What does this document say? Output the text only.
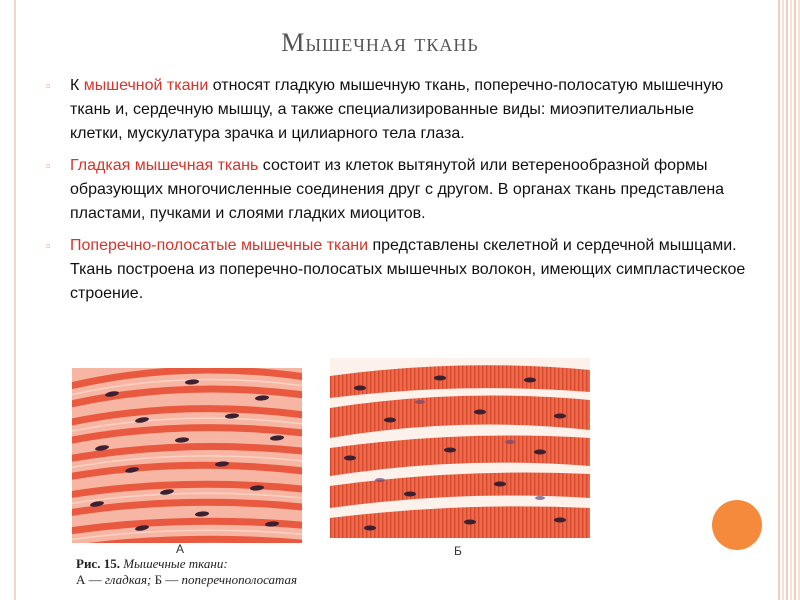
Мышечная ткань
▫ К мышечной ткани относят гладкую мышечную ткань, поперечно-полосатую мышечную ткань и, сердечную мышцу, а также специализированные виды: миоэпителиальные клетки, мускулатура зрачка и цилиарного тела глаза.
▫ Гладкая мышечная ткань состоит из клеток вытянутой или ветеренообразной формы образующих многочисленные соединения друг с другом. В органах ткань представлена пластами, пучками и слоями гладких миоцитов.
▫ Поперечно-полосатые мышечные ткани представлены скелетной и сердечной мышцами. Ткань построена из поперечно-полосатых мышечных волокон, имеющих симпластическое строение.
А	Б
Рис. 15. Мышечные ткани:
А — гладкая; Б — поперечнополосатая
